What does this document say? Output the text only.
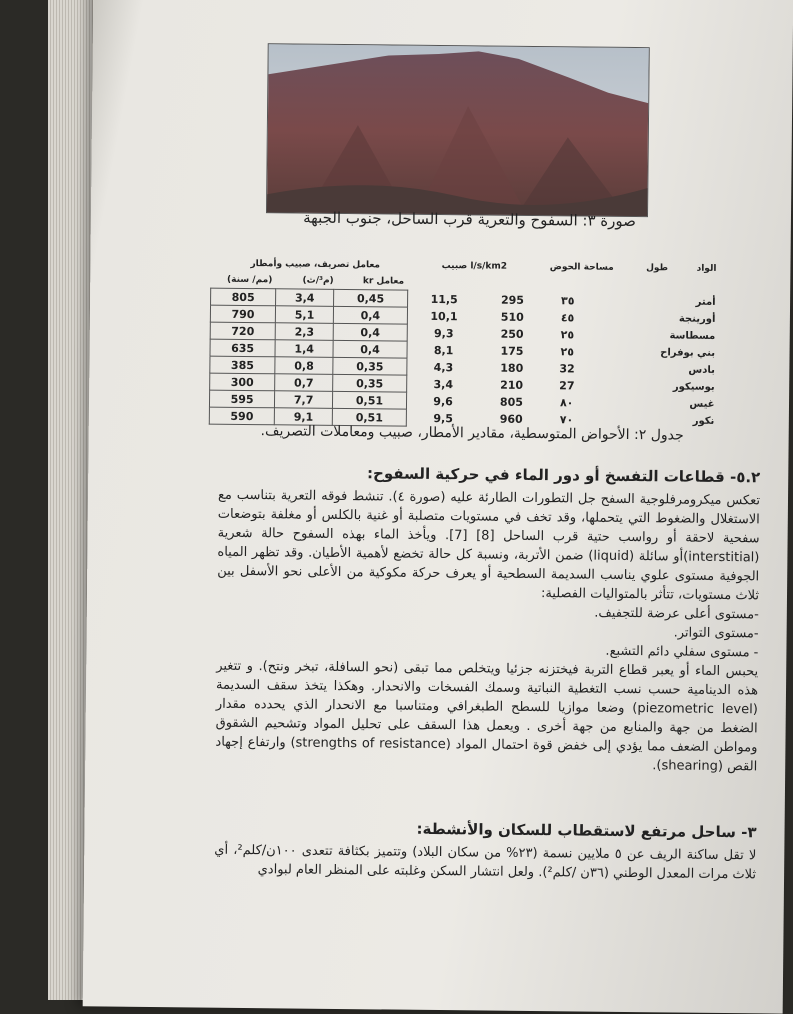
صورة ٣: السفوح والتعرية قرب الساحل، جنوب الجبهة
معامل تصريف، صبيب وأمطار			صبيب l/s/km2	مساحة الحوض	طول	الواد
(مم/ سنة)	(م³/ث)	kr معامل				
805	3,4	0,45	11,5	295	٣٥	أمتر
790	5,1	0,4	10,1	510	٤٥	أورينجة
720	2,3	0,4	9,3	250	٢٥	مسطاسة
635	1,4	0,4	8,1	175	٢٥	بني بوفراح
385	0,8	0,35	4,3	180	32	بادس
300	0,7	0,35	3,4	210	27	بوسيكور
595	7,7	0,51	9,6	805	٨٠	غيس
590	9,1	0,51	9,5	960	٧٠	نكور
جدول ٢: الأحواض المتوسطية، مقادير الأمطار، صبيب ومعاملات التصريف.
٥.٢- قطاعات التفسخ أو دور الماء في حركية السفوح:

تعكس ميكرومرفلوجية السفح جل التطورات الطارئة عليه (صورة ٤). تنشط فوقه التعرية بتناسب مع الاستغلال والضغوط التي يتحملها، وقد تخف في مستويات متصلبة أو غنية بالكلس أو مغلفة بتوضعات سفحية لاحقة أو رواسب حتية قرب الساحل [8] [7]. ويأخذ الماء بهذه السفوح حالة شعرية (interstitial)أو سائلة (liquid) ضمن الأتربة، ونسبة كل حالة تخضع لأهمية الأطيان. وقد تظهر المياه الجوفية مستوى علوي يناسب السديمة السطحية أو يعرف حركة مكوكية من الأعلى نحو الأسفل بين ثلاث مستويات، تتأثر بالمتواليات الفصلية:

-مستوى أعلى عرضة للتجفيف.

-مستوى التواتر.

- مستوى سفلي دائم التشبع.

يحبس الماء أو يعبر قطاع التربة فيختزنه جزئيا ويتخلص مما تبقى (نحو السافلة، تبخر ونتح). و تتغير هذه الدينامية حسب نسب التغطية النباتية وسمك الفسخات والانحدار. وهكذا يتخذ سقف السديمة (piezometric level) وضعا موازيا للسطح الطبغرافي ومتناسبا مع الانحدار الذي يحدده مقدار الضغط من جهة والمنابع من جهة أخرى . ويعمل هذا السقف على تحليل المواد وتشحيم الشقوق ومواطن الضعف مما يؤدي إلى خفض قوة احتمال المواد (strengths of resistance) وارتفاع إجهاد القص (shearing).

٣- ساحل مرتفع لاستقطاب للسكان والأنشطة:

لا تقل ساكنة الريف عن ٥ ملايين نسمة (٢٣% من سكان البلاد) وتتميز بكثافة تتعدى ١٠٠ن/كلم²، أي ثلاث مرات المعدل الوطني (٣٦ن /كلم²). ولعل انتشار السكن وغلبته على المنظر العام لبوادي
